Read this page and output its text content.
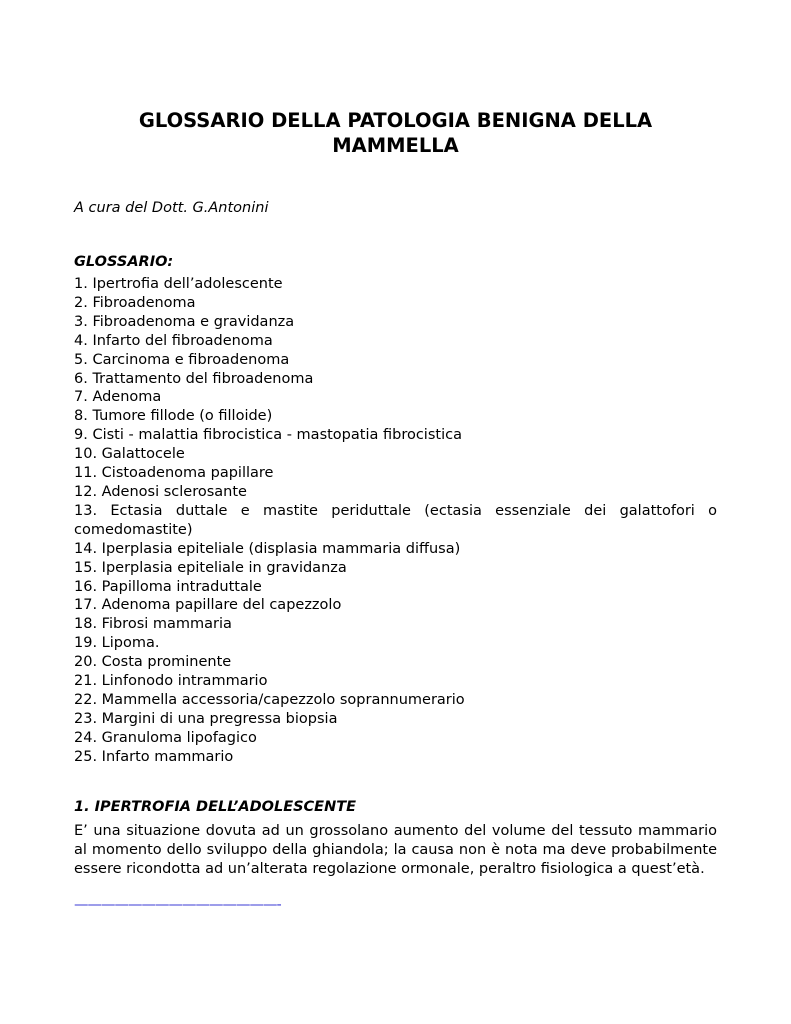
GLOSSARIO DELLA PATOLOGIA BENIGNA DELLA MAMMELLA

A cura del Dott. G.Antonini

GLOSSARIO:

1. Ipertrofia dell’adolescente
2. Fibroadenoma
3. Fibroadenoma e gravidanza
4. Infarto del fibroadenoma
5. Carcinoma e fibroadenoma
6. Trattamento del fibroadenoma
7. Adenoma
8. Tumore fillode (o filloide)
9. Cisti - malattia fibrocistica - mastopatia fibrocistica
10. Galattocele
11. Cistoadenoma papillare
12. Adenosi sclerosante
13. Ectasia duttale e mastite periduttale (ectasia essenziale dei galattofori o comedomastite)
14. Iperplasia epiteliale (displasia mammaria diffusa)
15. Iperplasia epiteliale in gravidanza
16. Papilloma intraduttale
17. Adenoma papillare del capezzolo
18. Fibrosi mammaria
19. Lipoma.
20. Costa prominente
21. Linfonodo intrammario
22. Mammella accessoria/capezzolo soprannumerario
23. Margini di una pregressa biopsia
24. Granuloma lipofagico
25. Infarto mammario

1. IPERTROFIA DELL’ADOLESCENTE

E’ una situazione dovuta ad un grossolano aumento del volume del tessuto mammario al momento dello sviluppo della ghiandola; la causa non è nota ma deve probabilmente essere ricondotta ad un’alterata regolazione ormonale, peraltro fisiologica a quest’età.

———————————————-
